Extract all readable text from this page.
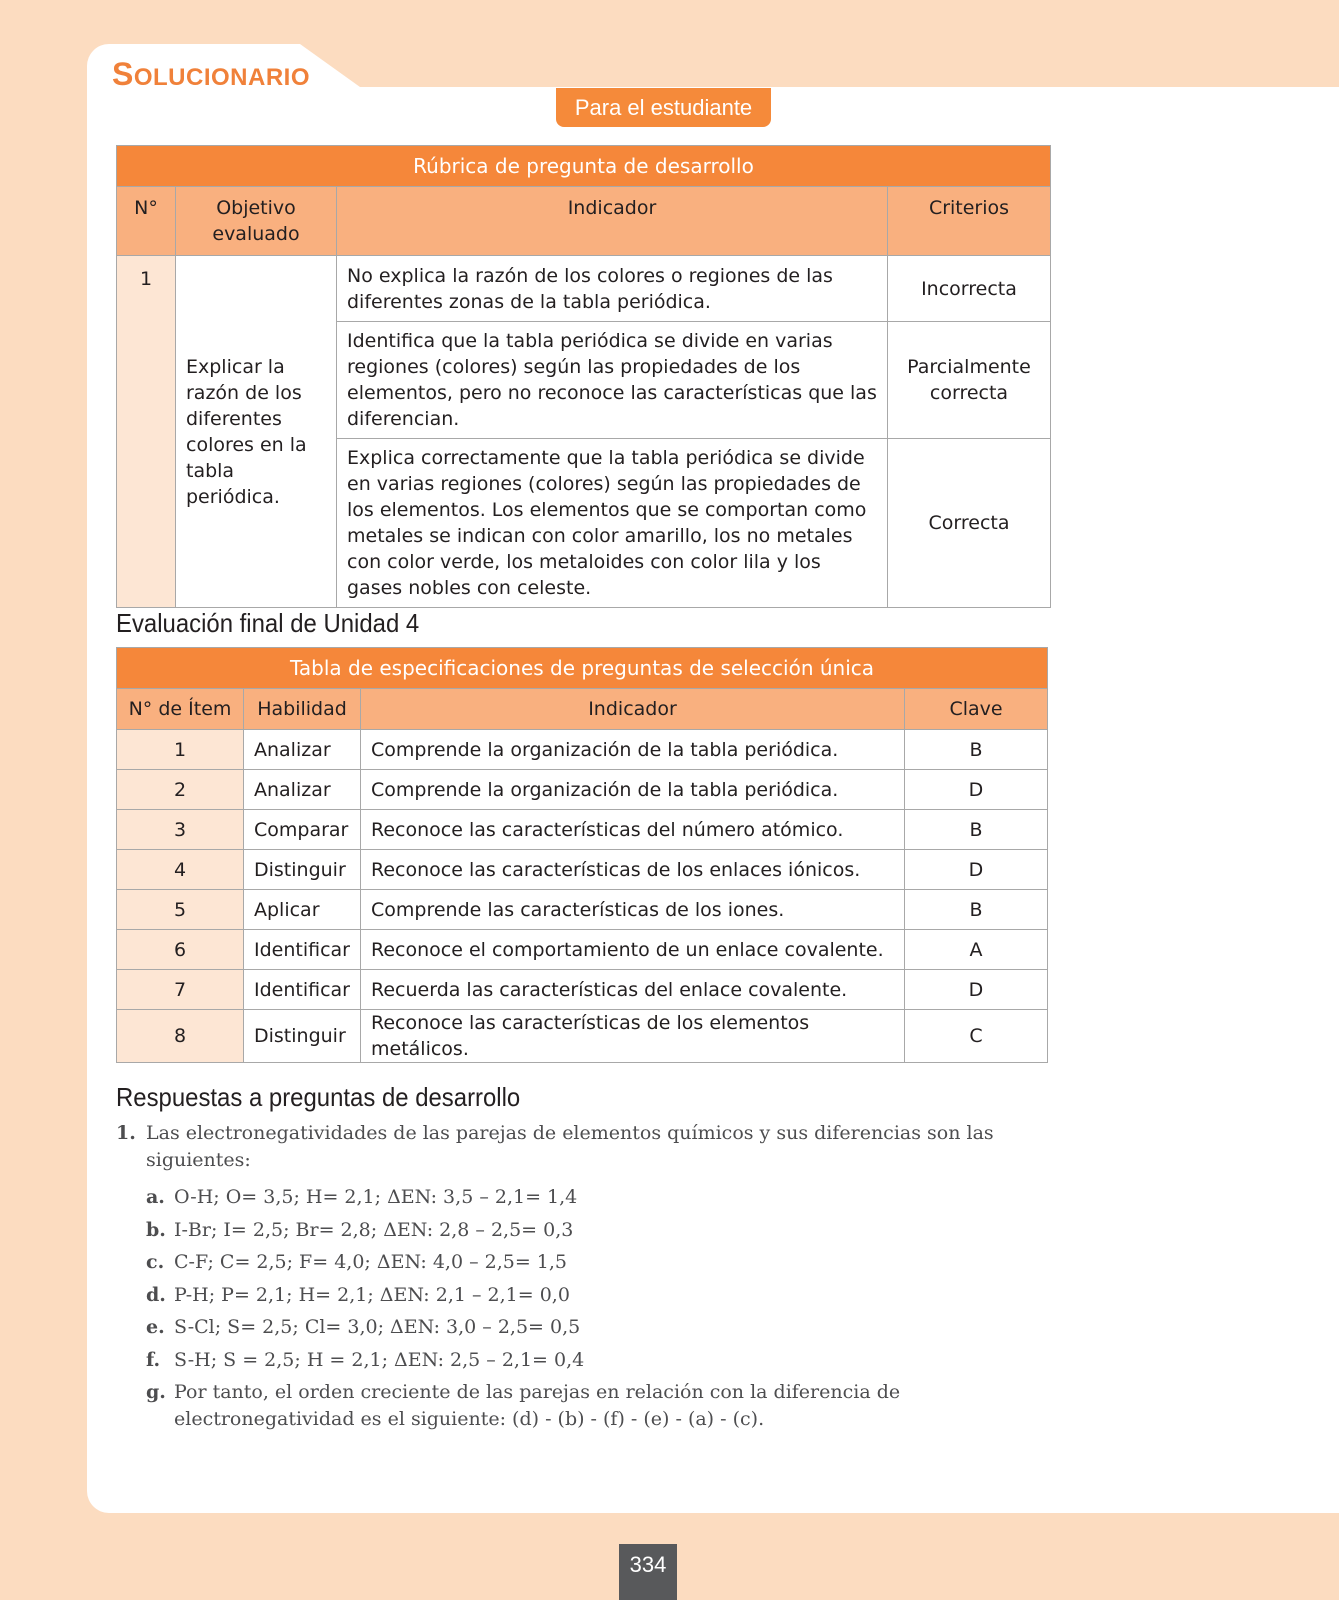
SOLUCIONARIO
Para el estudiante
Rúbrica de pregunta de desarrollo			
N°	Objetivo evaluado	Indicador	Criterios
1	Explicar la razón de los diferentes colores en la tabla periódica.	No explica la razón de los colores o regiones de las diferentes zonas de la tabla periódica.	Incorrecta
		Identifica que la tabla periódica se divide en varias regiones (colores) según las propiedades de los elementos, pero no reconoce las características que las diferencian.	Parcialmente correcta
		Explica correctamente que la tabla periódica se divide en varias regiones (colores) según las propiedades de los elementos. Los elementos que se comportan como metales se indican con color amarillo, los no metales con color verde, los metaloides con color lila y los gases nobles con celeste.	Correcta
Evaluación final de Unidad 4
Tabla de especificaciones de preguntas de selección única			
N° de Ítem	Habilidad	Indicador	Clave
1	Analizar	Comprende la organización de la tabla periódica.	B
2	Analizar	Comprende la organización de la tabla periódica.	D
3	Comparar	Reconoce las características del número atómico.	B
4	Distinguir	Reconoce las características de los enlaces iónicos.	D
5	Aplicar	Comprende las características de los iones.	B
6	Identificar	Reconoce el comportamiento de un enlace covalente.	A
7	Identificar	Recuerda las características del enlace covalente.	D
8	Distinguir	Reconoce las características de los elementos metálicos.	C
Respuestas a preguntas de desarrollo
1. Las electronegatividades de las parejas de elementos químicos y sus diferencias son las siguientes:
a. O-H; O= 3,5; H= 2,1; ΔEN: 3,5 – 2,1= 1,4
b. I-Br; I= 2,5; Br= 2,8; ΔEN: 2,8 – 2,5= 0,3
c. C-F; C= 2,5; F= 4,0; ΔEN: 4,0 – 2,5= 1,5
d. P-H; P= 2,1; H= 2,1; ΔEN: 2,1 – 2,1= 0,0
e. S-Cl; S= 2,5; Cl= 3,0; ΔEN: 3,0 – 2,5= 0,5
f. S-H; S = 2,5; H = 2,1; ΔEN: 2,5 – 2,1= 0,4
g. Por tanto, el orden creciente de las parejas en relación con la diferencia de electronegatividad es el siguiente: (d) - (b) - (f) - (e) - (a) - (c).
334
